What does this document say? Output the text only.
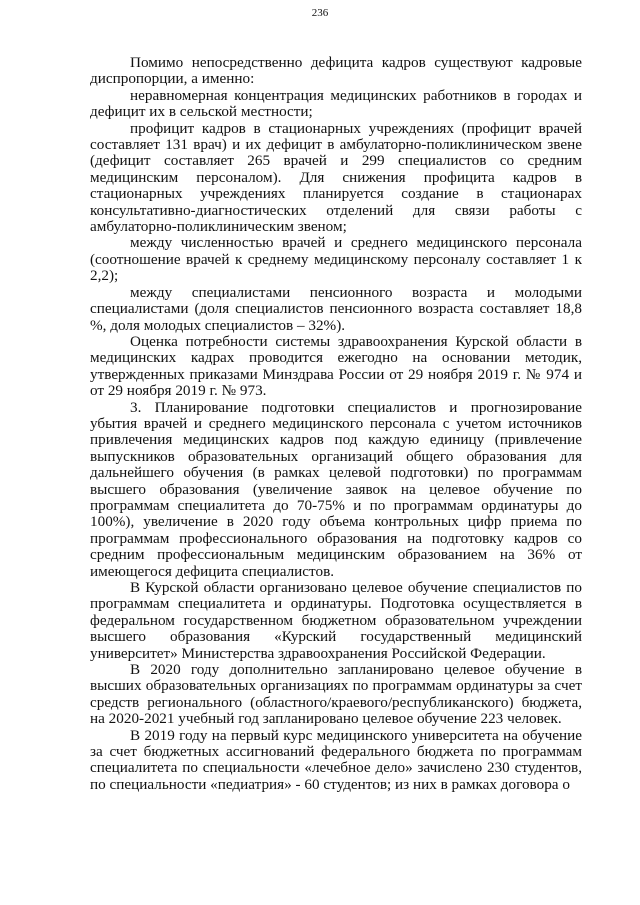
236

Помимо непосредственно дефицита кадров существуют кадровые диспропорции, а именно:

неравномерная концентрация медицинских работников в городах и дефицит их в сельской местности;

профицит кадров в стационарных учреждениях (профицит врачей составляет 131 врач) и их дефицит в амбулаторно-поликлиническом звене (дефицит составляет 265 врачей и 299 специалистов со средним медицинским персоналом). Для снижения профицита кадров в стационарных учреждениях планируется создание в стационарах консультативно-диагностических отделений для связи работы с амбулаторно-поликлиническим звеном;

между численностью врачей и среднего медицинского персонала (соотношение врачей к среднему медицинскому персоналу составляет 1 к 2,2);

между специалистами пенсионного возраста и молодыми специалистами (доля специалистов пенсионного возраста составляет 18,8 %, доля молодых специалистов – 32%).

Оценка потребности системы здравоохранения Курской области в медицинских кадрах проводится ежегодно на основании методик, утвержденных приказами Минздрава России от 29 ноября 2019 г. № 974 и от 29 ноября 2019 г. № 973.

3. Планирование подготовки специалистов и прогнозирование убытия врачей и среднего медицинского персонала с учетом источников привлечения медицинских кадров под каждую единицу (привлечение выпускников образовательных организаций общего образования для дальнейшего обучения (в рамках целевой подготовки) по программам высшего образования (увеличение заявок на целевое обучение по программам специалитета до 70-75% и по программам ординатуры до 100%), увеличение в 2020 году объема контрольных цифр приема по программам профессионального образования на подготовку кадров со средним профессиональным медицинским образованием на 36% от имеющегося дефицита специалистов.

В Курской области организовано целевое обучение специалистов по программам специалитета и ординатуры. Подготовка осуществляется в федеральном государственном бюджетном образовательном учреждении высшего образования «Курский государственный медицинский университет» Министерства здравоохранения Российской Федерации.

В 2020 году дополнительно запланировано целевое обучение в высших образовательных организациях по программам ординатуры за счет средств регионального (областного/краевого/республиканского) бюджета, на 2020-2021 учебный год запланировано целевое обучение 223 человек.

В 2019 году на первый курс медицинского университета на обучение за счет бюджетных ассигнований федерального бюджета по программам специалитета по специальности «лечебное дело» зачислено 230 студентов, по специальности «педиатрия» - 60 студентов; из них в рамках договора о
